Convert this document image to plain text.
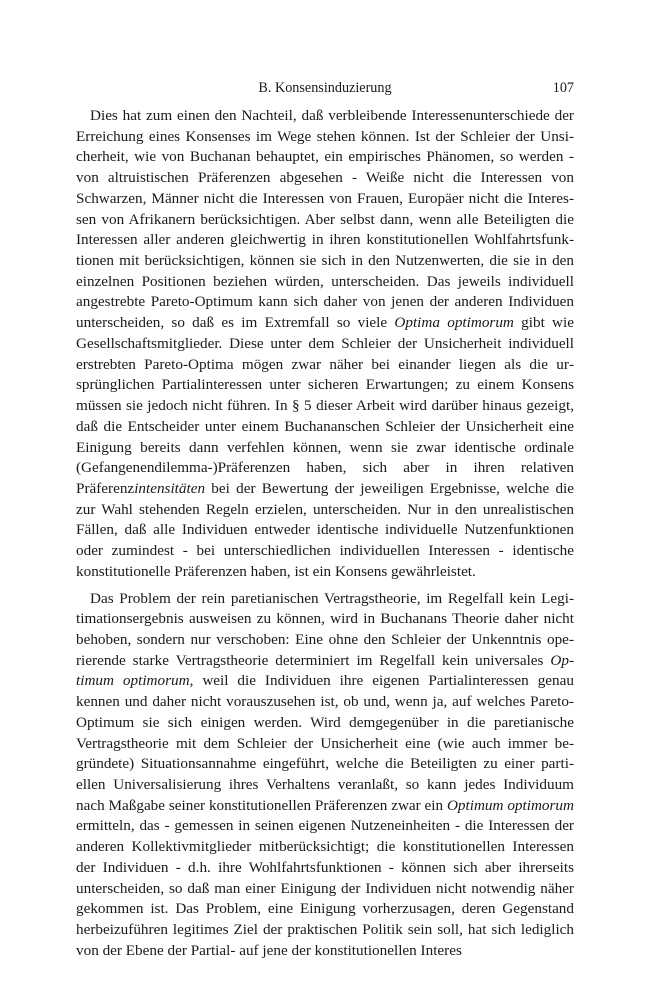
B. Konsensinduzierung	107

Dies hat zum einen den Nachteil, daß verbleibende Interessenunterschiede der Erreichung eines Konsenses im Wege stehen können. Ist der Schleier der Unsicherheit, wie von Buchanan behauptet, ein empirisches Phänomen, so werden - von altruistischen Präferenzen abgesehen - Weiße nicht die Interessen von Schwarzen, Männer nicht die Interessen von Frauen, Europäer nicht die Interessen von Afrikanern berücksichtigen. Aber selbst dann, wenn alle Beteiligten die Interessen aller anderen gleichwertig in ihren konstitutionellen Wohlfahrtsfunktionen mit berücksichtigen, können sie sich in den Nutzenwerten, die sie in den einzelnen Positionen beziehen würden, unterscheiden. Das jeweils individuell angestrebte Pareto-Optimum kann sich daher von jenen der anderen Individuen unterscheiden, so daß es im Extremfall so viele Optima optimorum gibt wie Gesellschaftsmitglieder. Diese unter dem Schleier der Unsicherheit individuell erstrebten Pareto-Optima mögen zwar näher bei einander liegen als die ursprünglichen Partialinteressen unter sicheren Erwartungen; zu einem Konsens müssen sie jedoch nicht führen. In § 5 dieser Arbeit wird darüber hinaus gezeigt, daß die Entscheider unter einem Buchananschen Schleier der Unsicherheit eine Einigung bereits dann verfehlen können, wenn sie zwar identische ordinale (Gefangenendilemma-)Präferenzen haben, sich aber in ihren relativen Präferenzintensitäten bei der Bewertung der jeweiligen Ergebnisse, welche die zur Wahl stehenden Regeln erzielen, unterscheiden. Nur in den unrealistischen Fällen, daß alle Individuen entweder identische individuelle Nutzenfunktionen oder zumindest - bei unterschiedlichen individuellen Interessen - identische konstitutionelle Präferenzen haben, ist ein Konsens gewährleistet.

Das Problem der rein paretianischen Vertragstheorie, im Regelfall kein Legitimationsergebnis ausweisen zu können, wird in Buchanans Theorie daher nicht behoben, sondern nur verschoben: Eine ohne den Schleier der Unkenntnis operierende starke Vertragstheorie determiniert im Regelfall kein universales Optimum optimorum, weil die Individuen ihre eigenen Partialinteressen genau kennen und daher nicht vorauszusehen ist, ob und, wenn ja, auf welches Pareto-Optimum sie sich einigen werden. Wird demgegenüber in die paretianische Vertragstheorie mit dem Schleier der Unsicherheit eine (wie auch immer begründete) Situationsannahme eingeführt, welche die Beteiligten zu einer partiellen Universalisierung ihres Verhaltens veranlaßt, so kann jedes Individuum nach Maßgabe seiner konstitutionellen Präferenzen zwar ein Optimum optimorum ermitteln, das - gemessen in seinen eigenen Nutzeneinheiten - die Interessen der anderen Kollektivmitglieder mitberücksichtigt; die konstitutionellen Interessen der Individuen - d.h. ihre Wohlfahrtsfunktionen - können sich aber ihrerseits unterscheiden, so daß man einer Einigung der Individuen nicht notwendig näher gekommen ist. Das Problem, eine Einigung vorherzusagen, deren Gegenstand herbeizuführen legitimes Ziel der praktischen Politik sein soll, hat sich lediglich von der Ebene der Partial- auf jene der konstitutionellen Interes
